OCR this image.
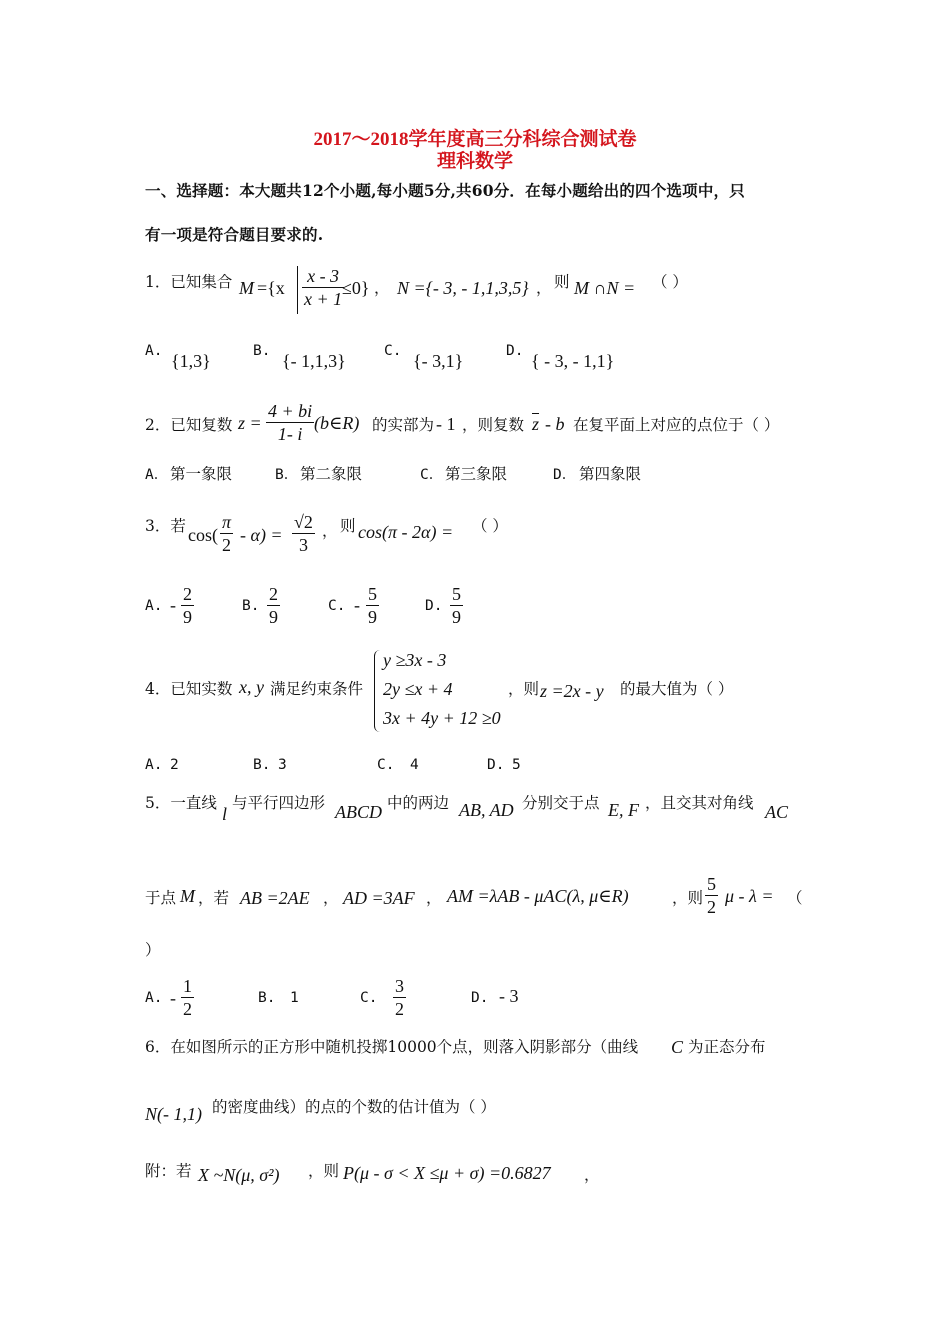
2017～2018学年度高三分科综合测试卷
理科数学
一、选择题：本大题共12个小题,每小题5分,共60分．在每小题给出的四个选项中，只
有一项是符合题目要求的.
1．已知集合 $M =\{x \frac{x - 3}{x + 1}$
≤0} ， N ={- 3, - 1,1,3,5} ， 则 M ∩N = （ ）
A. {1,3}	B. {- 1,1,3}	C. {- 3,1}	D. { - 3, - 1,1}
2．已知复数 $z = \frac{4 + bi}{1- i}$ (b∈R) 的实部为 - 1 ，则复数 $\overline{z}$ - b 在复平面上对应的点位于（ ）
A． 第一象限	B． 第二象限	C． 第三象限	D． 第四象限
3．若 $\cos( \frac{\pi}{2} - \alpha) = \frac{√2}{3}$ ， 则 cos(π - 2α) = （ ）
A. - $\frac{2}{9}$	B. $\frac{2}{9}$	C. - $\frac{5}{9}$	D. $\frac{5}{9}$
4．已知实数 x, y 满足约束条件
y ≥3x - 3
2y ≤x + 4
3x + 4y + 12 ≥0
，则 z =2x - y 的最大值为（ ）
A. 2	B. 3	C. 4	D. 5
5．一直线
l
与平行四边形 ABCD 中的两边 AB, AD 分别交于点 E, F ，且交其对角线 AC
于点 M ，若 AB =2AE ， AD =3AF ， AM =λAB - μAC(λ, μ∈R)	，则 $\frac{5}{2}$ μ - λ = （
）
A. - $\frac{1}{2}$	B. 1	C. $\frac{3}{2}$	D. - 3
6．在如图所示的正方形中随机投掷10000个点，则落入阴影部分（曲线 C 为正态分布
N(- 1,1) 的密度曲线）的点的个数的估计值为（ ）
附：若 X ~N(μ, σ²) ，则 P(μ - σ < X ≤μ + σ) =0.6827 ，
